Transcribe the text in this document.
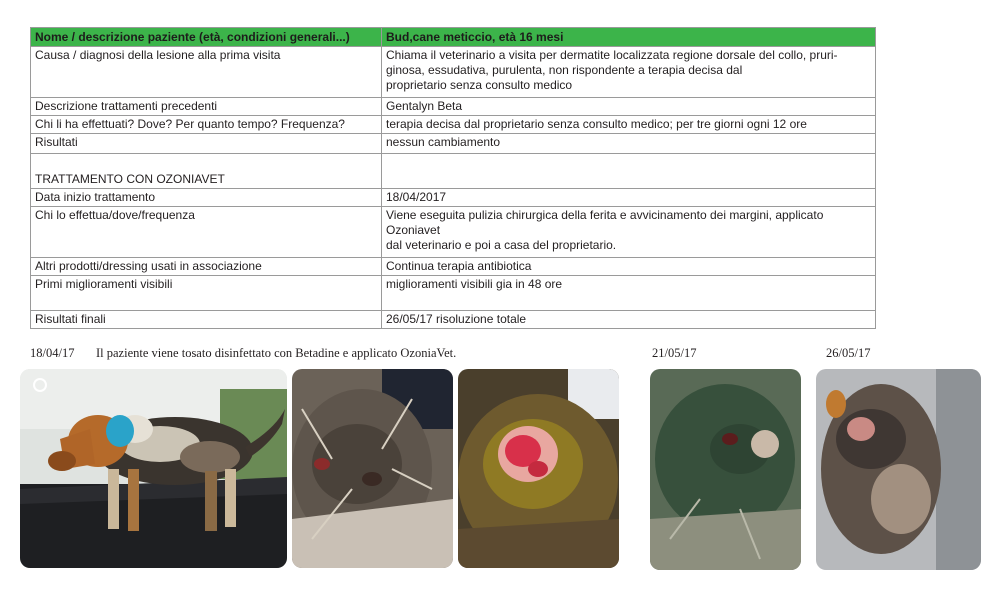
Nome / descrizione paziente (età, condizioni generali...)	Bud,cane meticcio, età 16 mesi
Causa / diagnosi della lesione alla prima visita	Chiama il veterinario a visita per dermatite localizzata regione dorsale del collo, pruri-
ginosa, essudativa, purulenta, non rispondente a terapia decisa dal
proprietario senza consulto medico

Descrizione trattamenti precedenti	Gentalyn Beta
Chi li ha effettuati? Dove? Per quanto tempo? Frequenza?	terapia decisa dal proprietario senza consulto medico; per tre giorni ogni 12 ore
Risultati	nessun cambiamento
TRATTAMENTO CON OZONIAVET	
Data inizio trattamento	18/04/2017
Chi lo effettua/dove/frequenza	Viene eseguita pulizia chirurgica della ferita e avvicinamento dei margini, applicato
Ozoniavet
dal veterinario e poi a casa del proprietario.

Altri prodotti/dressing usati in associazione	Continua terapia antibiotica
Primi miglioramenti visibili	miglioramenti visibili gia in 48 ore
Risultati finali	26/05/17 risoluzione totale
18/04/17 Il paziente viene tosato disinfettato con Betadine e applicato OzoniaVet.	21/05/17	26/05/17
